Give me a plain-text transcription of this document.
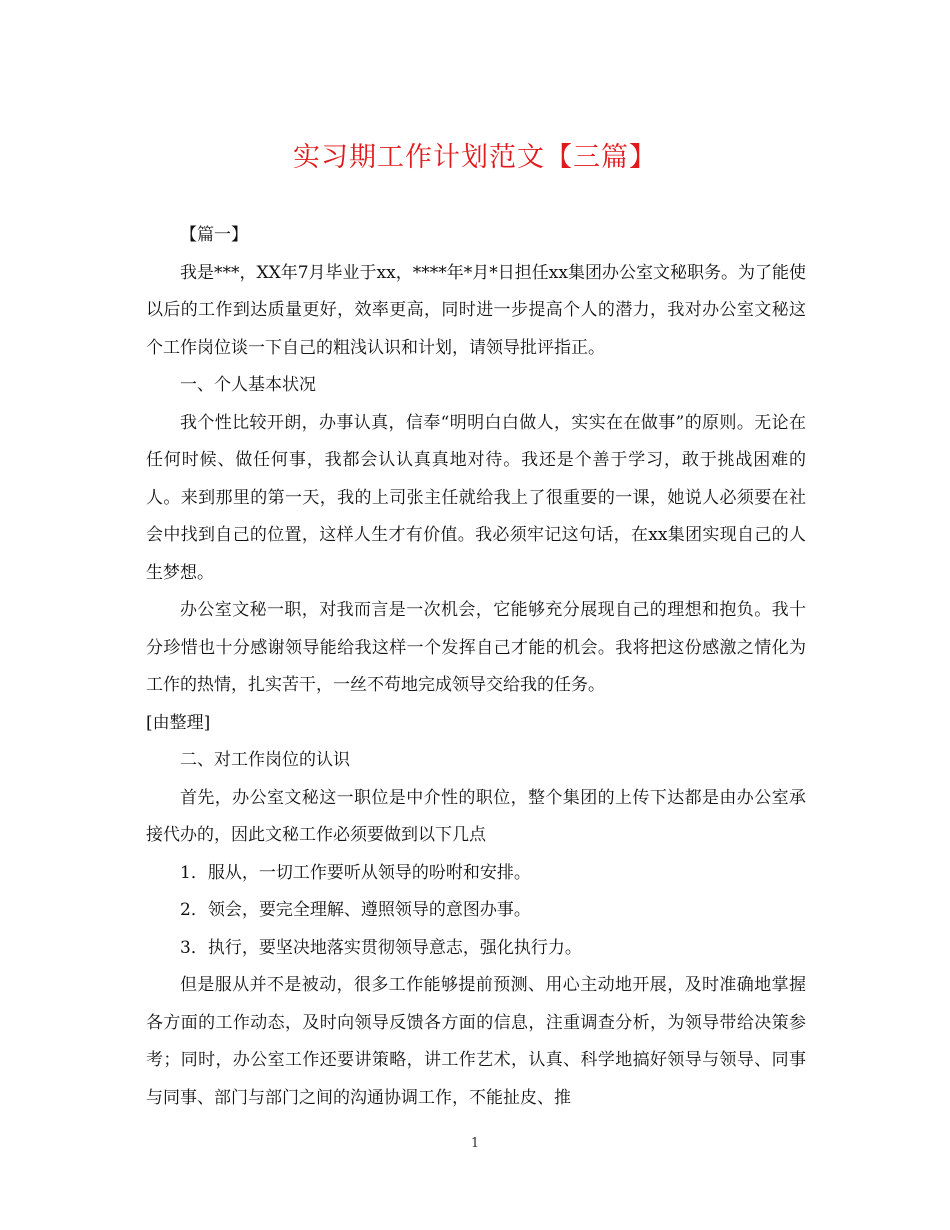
实习期工作计划范文【三篇】

【篇一】

我是***，XX年7月毕业于xx，****年*月*日担任xx集团办公室文秘职务。为了能使以后的工作到达质量更好，效率更高，同时进一步提高个人的潜力，我对办公室文秘这个工作岗位谈一下自己的粗浅认识和计划，请领导批评指正。

一、个人基本状况

我个性比较开朗，办事认真，信奉“明明白白做人，实实在在做事”的原则。无论在任何时候、做任何事，我都会认认真真地对待。我还是个善于学习，敢于挑战困难的人。来到那里的第一天，我的上司张主任就给我上了很重要的一课，她说人必须要在社会中找到自己的位置，这样人生才有价值。我必须牢记这句话，在xx集团实现自己的人生梦想。

办公室文秘一职，对我而言是一次机会，它能够充分展现自己的理想和抱负。我十分珍惜也十分感谢领导能给我这样一个发挥自己才能的机会。我将把这份感激之情化为工作的热情，扎实苦干，一丝不苟地完成领导交给我的任务。

[由整理]

二、对工作岗位的认识

首先，办公室文秘这一职位是中介性的职位，整个集团的上传下达都是由办公室承接代办的，因此文秘工作必须要做到以下几点

1．服从，一切工作要听从领导的吩咐和安排。

2．领会，要完全理解、遵照领导的意图办事。

3．执行，要坚决地落实贯彻领导意志，强化执行力。

但是服从并不是被动，很多工作能够提前预测、用心主动地开展，及时准确地掌握各方面的工作动态，及时向领导反馈各方面的信息，注重调查分析，为领导带给决策参考；同时，办公室工作还要讲策略，讲工作艺术，认真、科学地搞好领导与领导、同事与同事、部门与部门之间的沟通协调工作，不能扯皮、推

1
